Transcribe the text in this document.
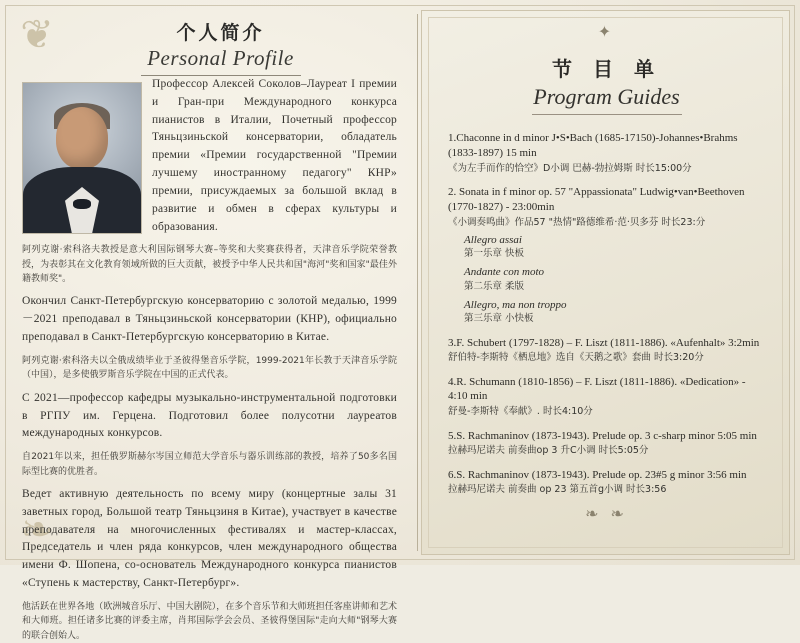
❦
❧
个人简介
Personal Profile
Профессор Алексей Соколов–Лауреат I премии и Гран-при Международного конкурса пианистов в Италии, Почетный профессор Тяньцзиньской консерватории, обладатель премии «Премии государственной "Премии лучшему иностранному педагогу" КНР» премии, присуждаемых за большой вклад в развитие и обмен в сферах культуры и образования.
阿列克谢·索科洛夫教授是意大利国际钢琴大赛–等奖和大奖赛获得者，天津音乐学院荣誉教授，为表彰其在文化教育领域所做的巨大贡献，被授予中华人民共和国"海河"奖和国家"最佳外籍教师奖"。
Окончил Санкт-Петербургскую консерваторию с золотой медалью, 1999－2021 преподавал в Тяньцзиньской консерватории (КНР), официально преподавал в Санкт-Петербургскую консерваторию в Китае.
阿列克谢·索科洛夫以全俄成绩毕业于圣彼得堡音乐学院，1999-2021年长教于天津音乐学院（中国），是多使俄罗斯音乐学院在中国的正式代表。
С 2021—профессор кафедры музыкально-инструментальной подготовки в РГПУ им. Герцена. Подготовил более полусотни лауреатов международных конкурсов.
自2021年以来，担任俄罗斯赫尔岑国立师范大学音乐与器乐训练部的教授，培养了50多名国际型比赛的优胜者。
Ведет активную деятельность по всему миру (концертные залы 31 заветных город, Большой театр Тяньцзиня в Китае), участвует в качестве преподавателя на многочисленных фестивалях и мастер-классах, Председатель и член ряда конкурсов, член международного общества имени Ф. Шопена, со-основатель Международного конкурса пианистов «Ступень к мастерству, Санкт-Петербург».
他活跃在世界各地（欧洲城音乐厅、中国大剧院），在多个音乐节和大师班担任客座讲师和艺术和大师班。担任诸多比赛的评委主席，肖邦国际学会会员、圣彼得堡国际"走向大师"钢琴大赛的联合创始人。
✦
节 目 单
Program Guides
1.Chaconne in d minor J•S•Bach (1685-17150)-Johannes•Brahms (1833-1897) 15 min
《为左手而作的恰空》D小调 巴赫-勃拉姆斯 时长15:00分
2. Sonata in f minor op. 57 "Appassionata" Ludwig•van•Beethoven (1770-1827) - 23:00min
《小调奏鸣曲》作品57 "热情"路德维希·范·贝多芬 时长23:分
Allegro assai
第一乐章 快板
Andante con moto
第二乐章 柔版
Allegro, ma non troppo
第三乐章 小快板
3.F. Schubert (1797-1828) – F. Liszt (1811-1886). «Aufenhalt» 3:2min
舒伯特-李斯特《栖息地》选自《天鹅之歌》套曲 时长3:20分
4.R. Schumann (1810-1856) – F. Liszt (1811-1886). «Dedication» - 4:10 min
舒曼-李斯特《奉献》. 时长4:10分
5.S. Rachmaninov (1873-1943). Prelude op. 3 c-sharp minor 5:05 min
拉赫玛尼诺夫 前奏曲op 3 升C小调 时长5:05分
6.S. Rachmaninov (1873-1943). Prelude op. 23#5 g minor 3:56 min
拉赫玛尼诺夫 前奏曲 op 23 第五首g小调 时长3:56
❧ ❧
